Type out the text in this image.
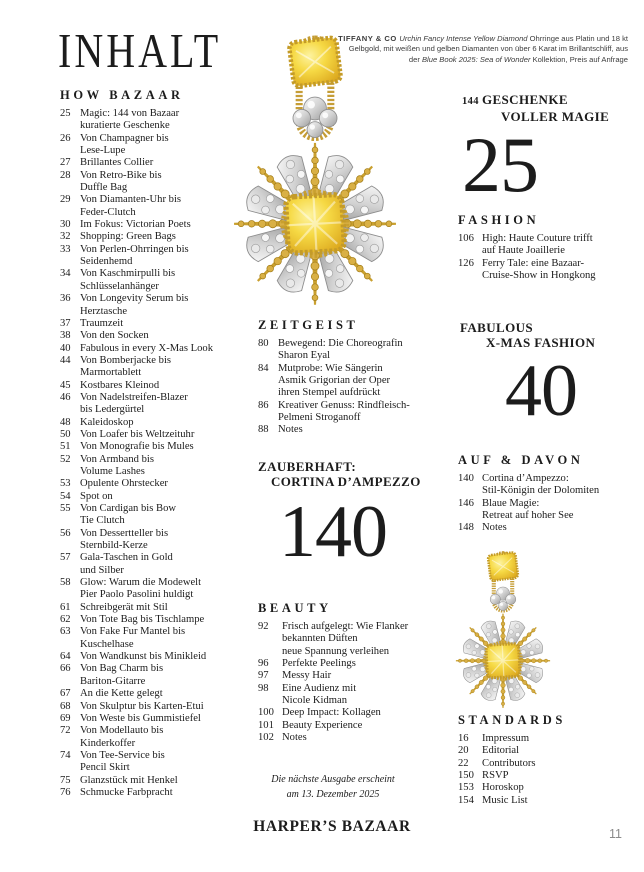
INHALT	TIFFANY & CO Urchin Fancy Intense Yellow Diamond Ohrringe aus Platin und 18 kt Gelbgold, mit weißen und gelben Diamanten von über 6 Karat im Brillantschliff, aus der Blue Book 2025: Sea of Wonder Kollektion, Preis auf Anfrage

HOW BAZAAR
25 Magic: 144 von Bazaar
kuratierte Geschenke
26 Von Champagner bis
Lese-Lupe
27 Brillantes Collier
28 Von Retro-Bike bis
Duffle Bag
29 Von Diamanten-Uhr bis
Feder-Clutch
30 Im Fokus: Victorian Poets
32 Shopping: Green Bags
33 Von Perlen-Ohrringen bis
Seidenhemd
34 Von Kaschmirpulli bis
Schlüsselanhänger
36 Von Longevity Serum bis
Herztasche
37 Traumzeit
38 Von den Socken
40 Fabulous in every X-Mas Look
44 Von Bomberjacke bis
Marmortablett
45 Kostbares Kleinod
46 Von Nadelstreifen-Blazer
bis Ledergürtel
48 Kaleidoskop
50 Von Loafer bis Weltzeituhr
51 Von Monografie bis Mules
52 Von Armband bis
Volume Lashes
53 Opulente Ohrstecker
54 Spot on
55 Von Cardigan bis Bow
Tie Clutch
56 Von Dessertteller bis
Sternbild-Kerze
57 Gala-Taschen in Gold
und Silber
58 Glow: Warum die Modewelt
Pier Paolo Pasolini huldigt
61 Schreibgerät mit Stil
62 Von Tote Bag bis Tischlampe
63 Von Fake Fur Mantel bis
Kuschelhase
64 Von Wandkunst bis Minikleid
66 Von Bag Charm bis
Bariton-Gitarre
67 An die Kette gelegt
68 Von Skulptur bis Karten-Etui
69 Von Weste bis Gummistiefel
72 Von Modellauto bis
Kinderkoffer
74 Von Tee-Service bis
Pencil Skirt
75 Glanzstück mit Henkel
76 Schmucke Farbpracht
ZEITGEIST
80 Bewegend: Die Choreografin
Sharon Eyal
84 Mutprobe: Wie Sängerin
Asmik Grigorian der Oper
ihren Stempel aufdrückt
86 Kreativer Genuss: Rindfleisch-
Pelmeni Stroganoff
88 Notes
FASHION
106 High: Haute Couture trifft
auf Haute Joaillerie
126 Ferry Tale: eine Bazaar-
Cruise-Show in Hongkong
BEAUTY
92	Frisch aufgelegt: Wie Flanker
bekannten Düften
neue Spannung verleihen
96	Perfekte Peelings
97	Messy Hair
98	Eine Audienz mit
Nicole Kidman
100 Deep Impact: Kollagen
101 Beauty Experience
102 Notes
AUF & DAVON
140 Cortina d’Ampezzo:
Stil-Königin der Dolomiten
146 Blaue Magie:
Retreat auf hoher See
148 Notes
STANDARDS
16	Impressum
20	Editorial
22	Contributors
150 RSVP
153 Horoskop
154 Music List
144 GESCHENKE
VOLLER MAGIE
25
ZAUBERHAFT:
CORTINA D’AMPEZZO
140
FABULOUS
X-MAS FASHION
40
Die nächste Ausgabe erscheint
am 13. Dezember 2025
HARPER’S BAZAAR	11
